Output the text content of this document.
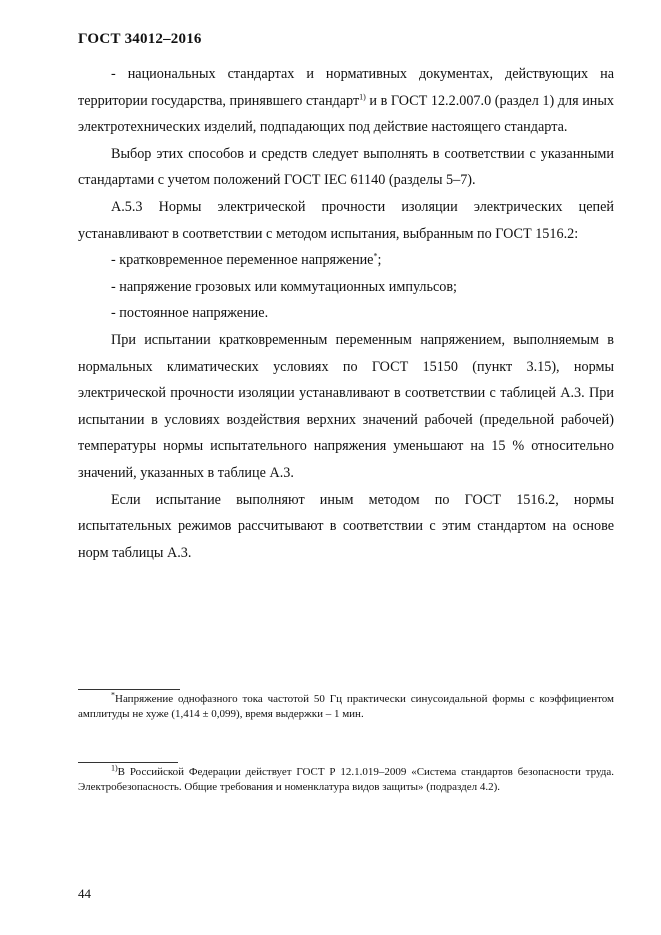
ГОСТ 34012–2016

- национальных стандартах и нормативных документах, действующих на территории государства, принявшего стандарт$^{1)}$ и в ГОСТ 12.2.007.0 (раздел 1) для иных электротехнических изделий, подпадающих под действие настоящего стандарта.

Выбор этих способов и средств следует выполнять в соответствии с указанными стандартами с учетом положений ГОСТ IEC 61140 (разделы 5–7).

А.5.3 Нормы электрической прочности изоляции электрических цепей устанавливают в соответствии с методом испытания, выбранным по ГОСТ 1516.2:

- кратковременное переменное напряжение*;

- напряжение грозовых или коммутационных импульсов;

- постоянное напряжение.

При испытании кратковременным переменным напряжением, выполняемым в нормальных климатических условиях по ГОСТ 15150 (пункт 3.15), нормы электрической прочности изоляции устанавливают в соответствии с таблицей А.3. При испытании в условиях воздействия верхних значений рабочей (предельной рабочей) температуры нормы испытательного напряжения уменьшают на 15 % относительно значений, указанных в таблице А.3.

Если испытание выполняют иным методом по ГОСТ 1516.2, нормы испытательных режимов рассчитывают в соответствии с этим стандартом на основе норм таблицы А.3.

*Напряжение однофазного тока частотой 50 Гц практически синусоидальной формы с коэффициентом амплитуды не хуже (1,414 ± 0,099), время выдержки – 1 мин.

$^{1)}$В Российской Федерации действует ГОСТ Р 12.1.019–2009 «Система стандартов безопасности труда. Электробезопасность. Общие требования и номенклатура видов защиты» (подраздел 4.2).

44
